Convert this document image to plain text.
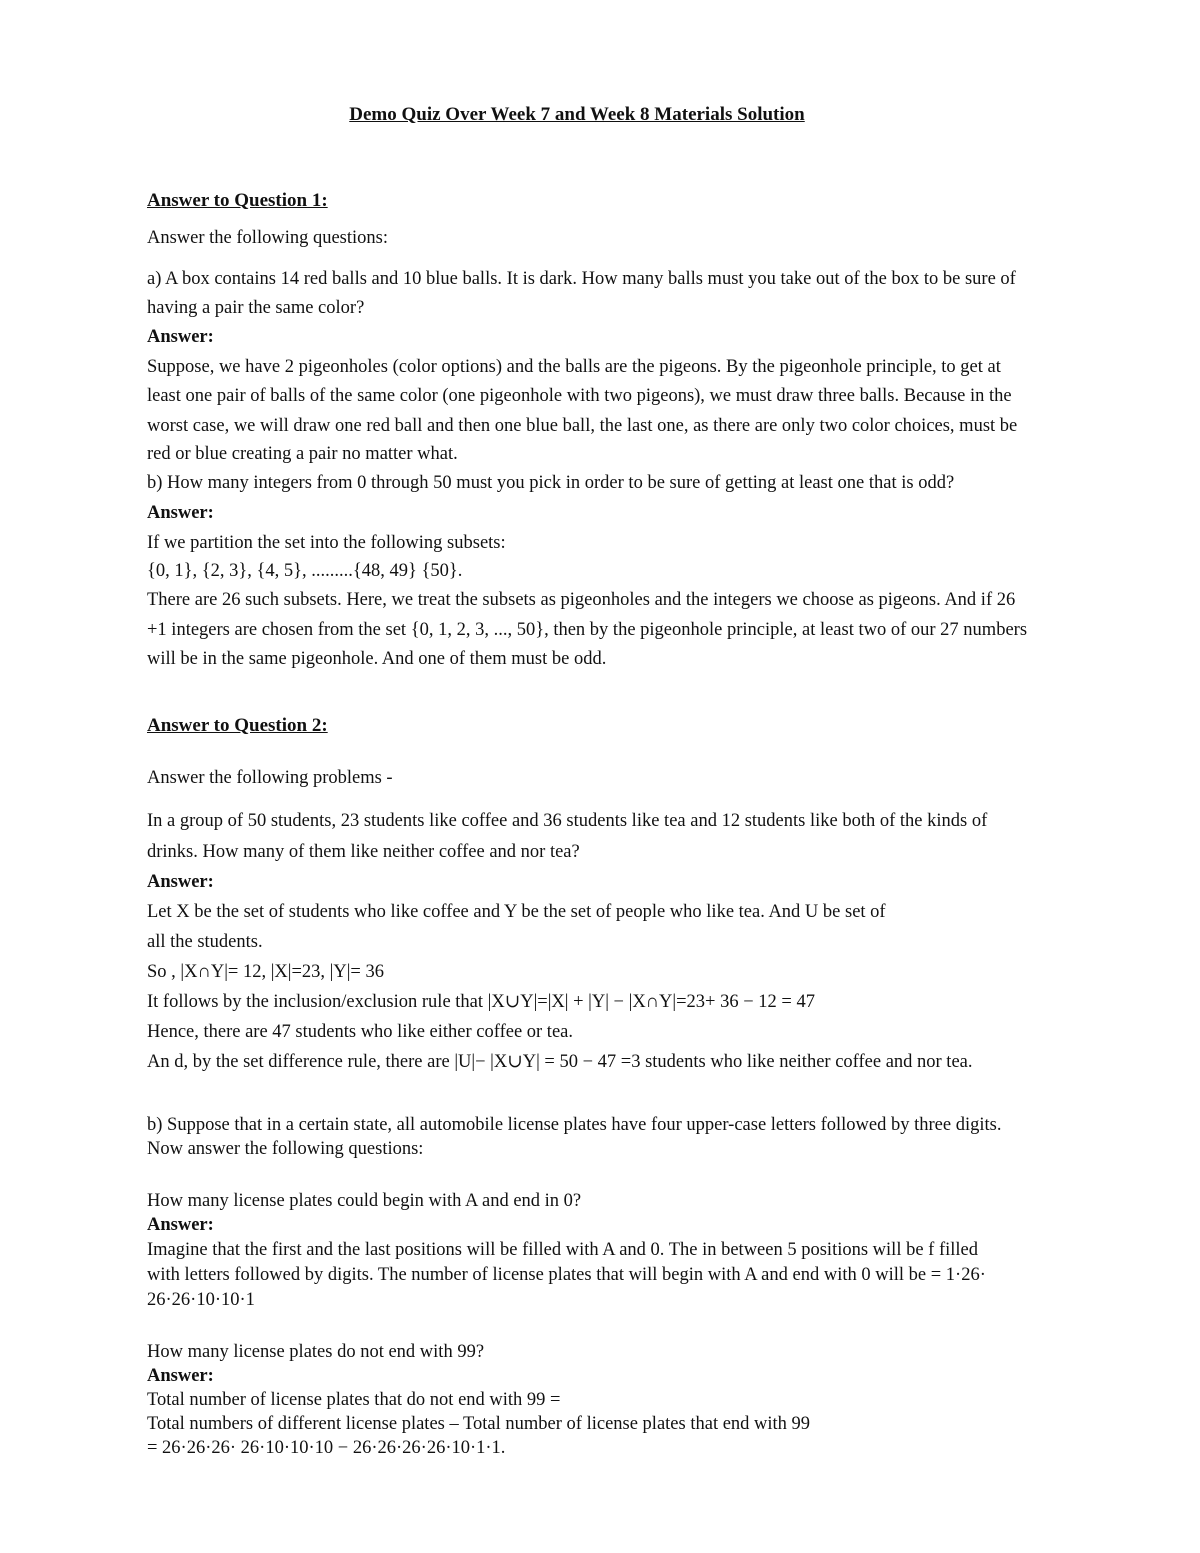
Demo Quiz Over Week 7 and Week 8 Materials Solution
Answer to Question 1:
Answer the following questions:
a) A box contains 14 red balls and 10 blue balls. It is dark. How many balls must you take out of the box to be sure of
having a pair the same color?
Answer:
Suppose, we have 2 pigeonholes (color options) and the balls are the pigeons. By the pigeonhole principle, to get at
least one pair of balls of the same color (one pigeonhole with two pigeons), we must draw three balls. Because in the
worst case, we will draw one red ball and then one blue ball, the last one, as there are only two color choices, must be
red or blue creating a pair no matter what.
b) How many integers from 0 through 50 must you pick in order to be sure of getting at least one that is odd?
Answer:
If we partition the set into the following subsets:
{0, 1}, {2, 3}, {4, 5}, .........{48, 49} {50}.
There are 26 such subsets. Here, we treat the subsets as pigeonholes and the integers we choose as pigeons. And if 26
+1 integers are chosen from the set {0, 1, 2, 3, ..., 50}, then by the pigeonhole principle, at least two of our 27 numbers
will be in the same pigeonhole. And one of them must be odd.
Answer to Question 2:
Answer the following problems -
In a group of 50 students, 23 students like coffee and 36 students like tea and 12 students like both of the kinds of
drinks. How many of them like neither coffee and nor tea?
Answer:
Let X be the set of students who like coffee and Y be the set of people who like tea. And U be set of
all the students.
So , |X∩Y|= 12, |X|=23, |Y|= 36
It follows by the inclusion/exclusion rule that |X∪Y|=|X| + |Y| − |X∩Y|=23+ 36 − 12 = 47
Hence, there are 47 students who like either coffee or tea.
An d, by the set difference rule, there are |U|− |X∪Y| = 50 − 47 =3 students who like neither coffee and nor tea.
b) Suppose that in a certain state, all automobile license plates have four upper-case letters followed by three digits.
Now answer the following questions:
How many license plates could begin with A and end in 0?
Answer:
Imagine that the first and the last positions will be filled with A and 0. The in between 5 positions will be f filled
with letters followed by digits. The number of license plates that will begin with A and end with 0 will be = 1·26·
26·26·10·10·1
How many license plates do not end with 99?
Answer:
Total number of license plates that do not end with 99 =
Total numbers of different license plates – Total number of license plates that end with 99
= 26·26·26· 26·10·10·10 − 26·26·26·26·10·1·1.
